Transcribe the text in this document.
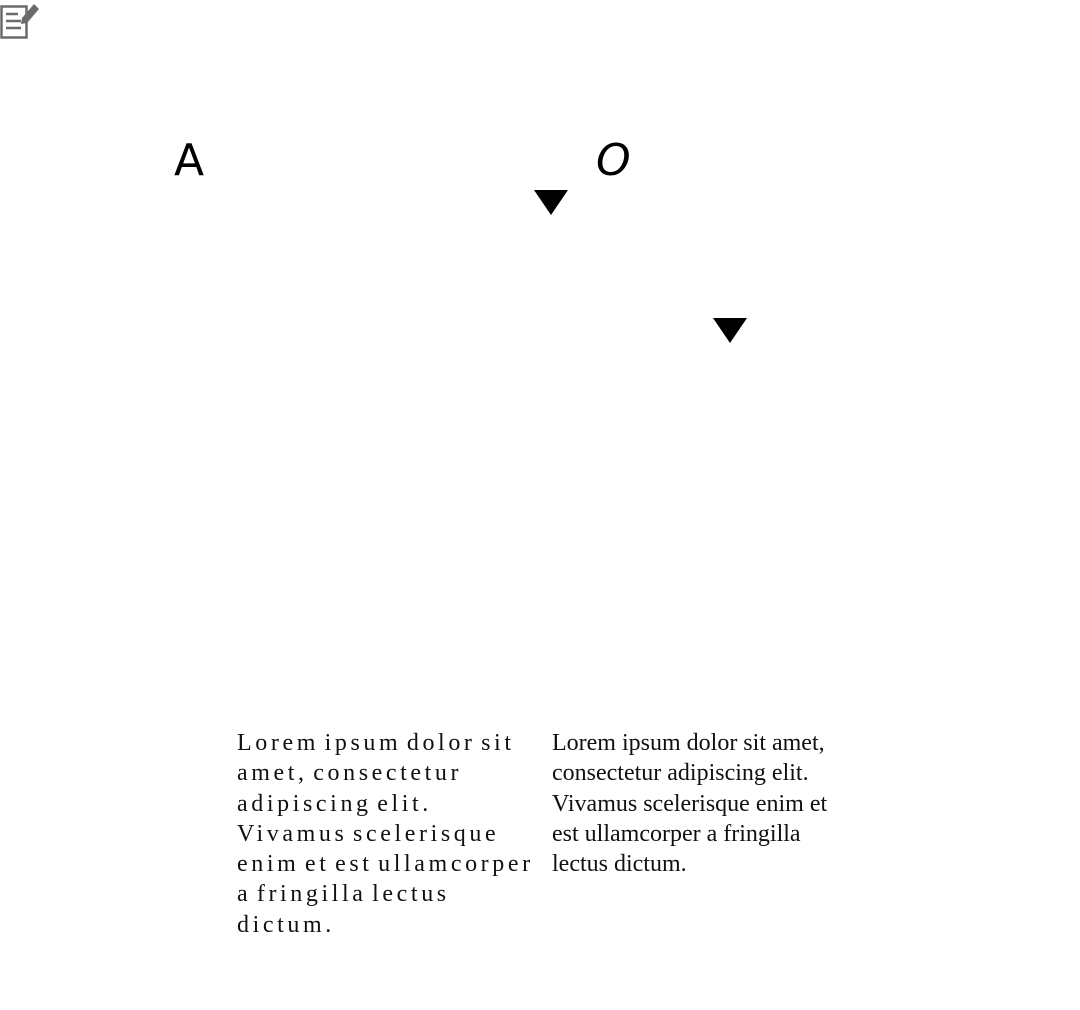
A	O
Lorem ipsum dolor sit amet, consectetur adipiscing elit. Vivamus scelerisque enim et est ullamcorper a fringilla lectus dictum.
Lorem ipsum dolor sit amet, consectetur adipiscing elit. Vivamus scelerisque enim et est ullamcorper a fringilla lectus dictum.
